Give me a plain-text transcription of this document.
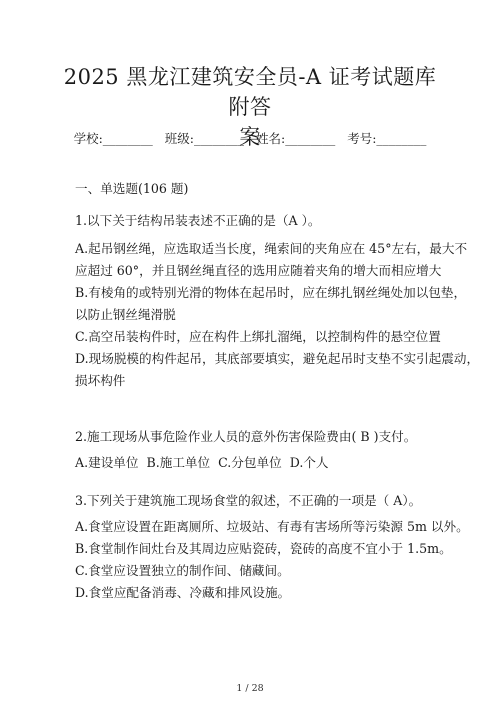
2025 黑龙江建筑安全员-A 证考试题库附答
案
学校:________ 班级:________ 姓名:________ 考号:________
一、单选题(106 题)
1.以下关于结构吊装表述不正确的是（A ）。
A.起吊钢丝绳，应选取适当长度，绳索间的夹角应在 45°左右，最大不
应超过 60°，并且钢丝绳直径的选用应随着夹角的增大而相应增大
B.有棱角的或特别光滑的物体在起吊时，应在绑扎钢丝绳处加以包垫，
以防止钢丝绳滑脱
C.高空吊装构件时，应在构件上绑扎溜绳，以控制构件的悬空位置
D.现场脱模的构件起吊，其底部要填实，避免起吊时支垫不实引起震动，
损坏构件
2.施工现场从事危险作业人员的意外伤害保险费由( B )支付。
A.建设单位  B.施工单位  C.分包单位  D.个人
3.下列关于建筑施工现场食堂的叙述，不正确的一项是（ A）。
A.食堂应设置在距离厕所、垃圾站、有毒有害场所等污染源 5m 以外。
B.食堂制作间灶台及其周边应贴瓷砖，瓷砖的高度不宜小于 1.5m。
C.食堂应设置独立的制作间、储藏间。
D.食堂应配备消毒、冷藏和排风设施。
1 / 28
